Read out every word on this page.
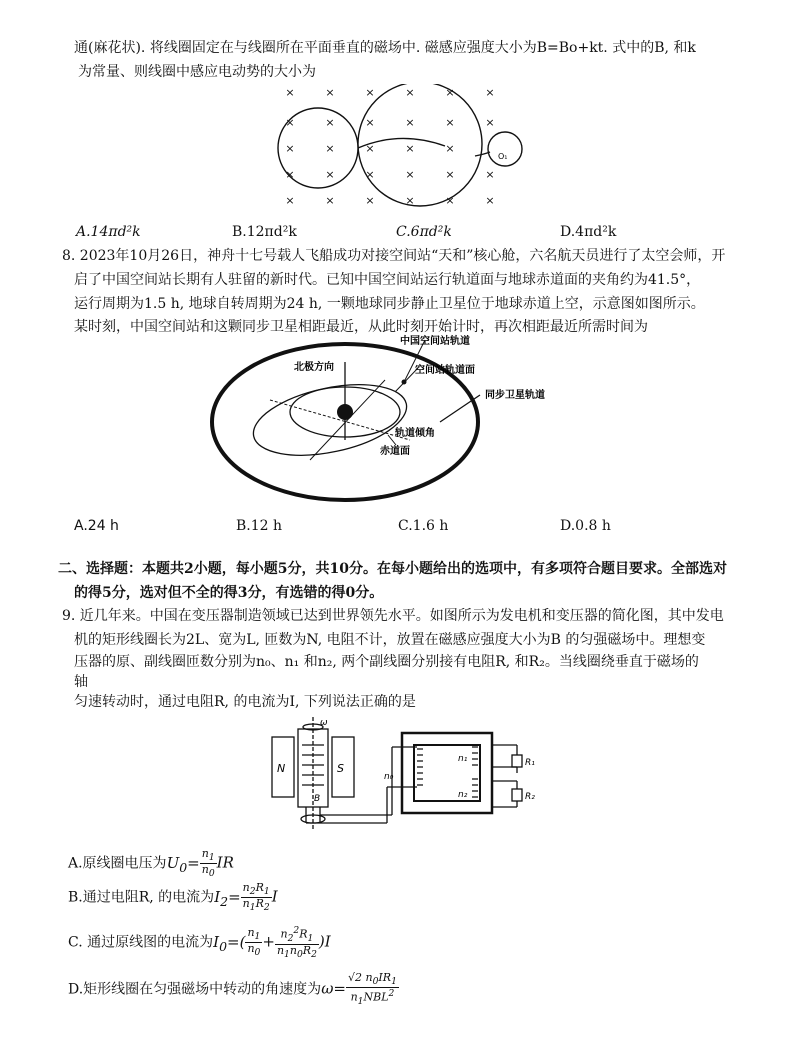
通(麻花状). 将线圈固定在与线圈所在平面垂直的磁场中. 磁感应强度大小为B=Bo+kt. 式中的B, 和k
为常量、则线圈中感应电动势的大小为
×	×	×	×	×	×
×	×	×	×	×	×
×	×	×	×	×
×	×	×	×	×	×
×	×	×	×	×	×
O₁
A.14πd²k	B.12πd²k	C.6πd²k	D.4πd²k
8. 2023年10月26日，神舟十七号载人飞船成功对接空间站“天和”核心舱，六名航天员进行了太空会师，开
启了中国空间站长期有人驻留的新时代。已知中国空间站运行轨道面与地球赤道面的夹角约为41.5°，
运行周期为1.5 h, 地球自转周期为24 h, 一颗地球同步静止卫星位于地球赤道上空，示意图如图所示。
某时刻，中国空间站和这颗同步卫星相距最近，从此时刻开始计时，再次相距最近所需时间为
中国空间站轨道
北极方向	空间站轨道面
同步卫星轨道
轨道倾角
赤道面
A.24 h	B.12 h	C.1.6 h	D.0.8 h
二、选择题：本题共2小题，每小题5分，共10分。在每小题给出的选项中，有多项符合题目要求。全部选对
的得5分，选对但不全的得3分，有选错的得0分。
9. 近几年来。中国在变压器制造领域已达到世界领先水平。如图所示为发电机和变压器的简化图，其中发电
机的矩形线圈长为2L、宽为L, 匝数为N, 电阻不计，放置在磁感应强度大小为B 的匀强磁场中。理想变
压器的原、副线圈匝数分别为n₀、n₁ 和n₂, 两个副线圈分别接有电阻R, 和R₂。当线圈绕垂直于磁场的
轴
匀速转动时，通过电阻R, 的电流为I, 下列说法正确的是
ω
N	S
B
n₀
n₁
n₂
R₁
R₂
A.原线圈电压为$U_0= \frac{n_1}{n_0}$ IR
B.通过电阻R, 的电流为$I_2= \frac{n_2R_1}{n_1R_2}$ I
C. 通过原线图的电流为$I_0=( \frac{n_1}{n_0} + \frac{n_2^2R_1}{n_1n_0R_2} )I$
D.矩形线圈在匀强磁场中转动的角速度为$\omega= \frac{√2 n_0IR_1}{n_1NBL^2}$
